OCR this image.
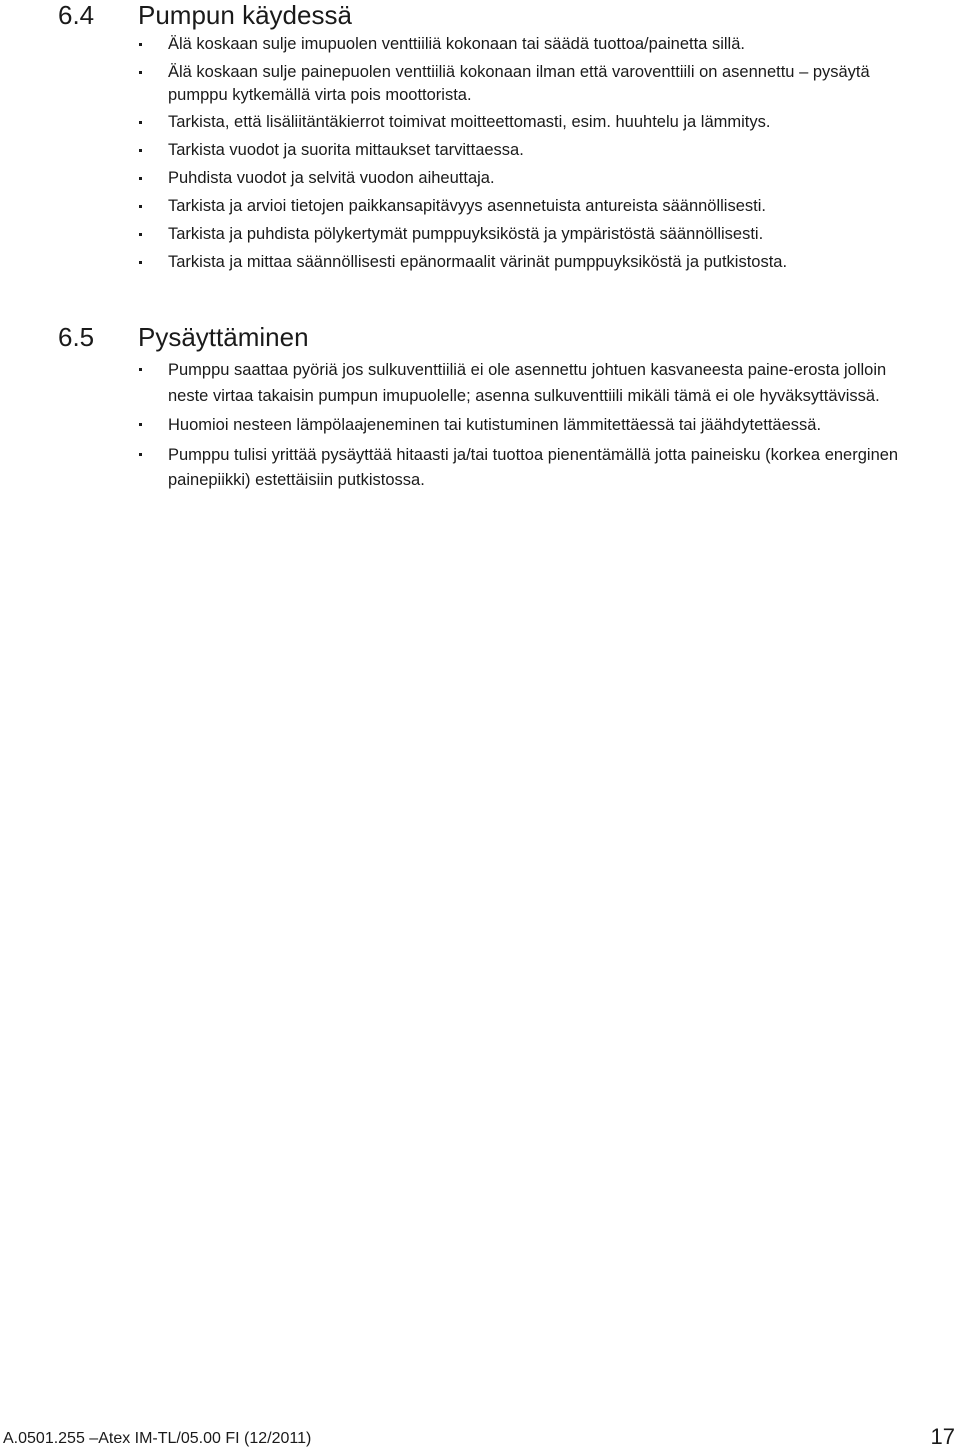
6.4	Pumpun käydessä
Älä koskaan sulje imupuolen venttiiliä kokonaan tai säädä tuottoa/painetta sillä.
Älä koskaan sulje painepuolen venttiiliä kokonaan ilman että varoventtiili on asennettu – pysäytä pumppu kytkemällä virta pois moottorista.
Tarkista, että lisäliitäntäkierrot toimivat moitteettomasti, esim. huuhtelu ja lämmitys.
Tarkista vuodot ja suorita mittaukset tarvittaessa.
Puhdista vuodot ja selvitä vuodon aiheuttaja.
Tarkista ja arvioi tietojen paikkansapitävyys asennetuista antureista säännöllisesti.
Tarkista ja puhdista pölykertymät pumppuyksiköstä ja ympäristöstä säännöllisesti.
Tarkista ja mittaa säännöllisesti epänormaalit värinät pumppuyksiköstä ja putkistosta.
6.5	Pysäyttäminen
Pumppu saattaa pyöriä jos sulkuventtiiliä ei ole asennettu johtuen kasvaneesta paine-erosta jolloin neste virtaa takaisin pumpun imupuolelle; asenna sulkuventtiili mikäli tämä ei ole hyväksyttävissä.
Huomioi nesteen lämpölaajeneminen tai kutistuminen lämmitettäessä tai jäähdytettäessä.
Pumppu tulisi yrittää pysäyttää hitaasti ja/tai tuottoa pienentämällä jotta paineisku (korkea energinen painepiikki) estettäisiin putkistossa.
A.0501.255 –Atex IM-TL/05.00 FI (12/2011)	17
